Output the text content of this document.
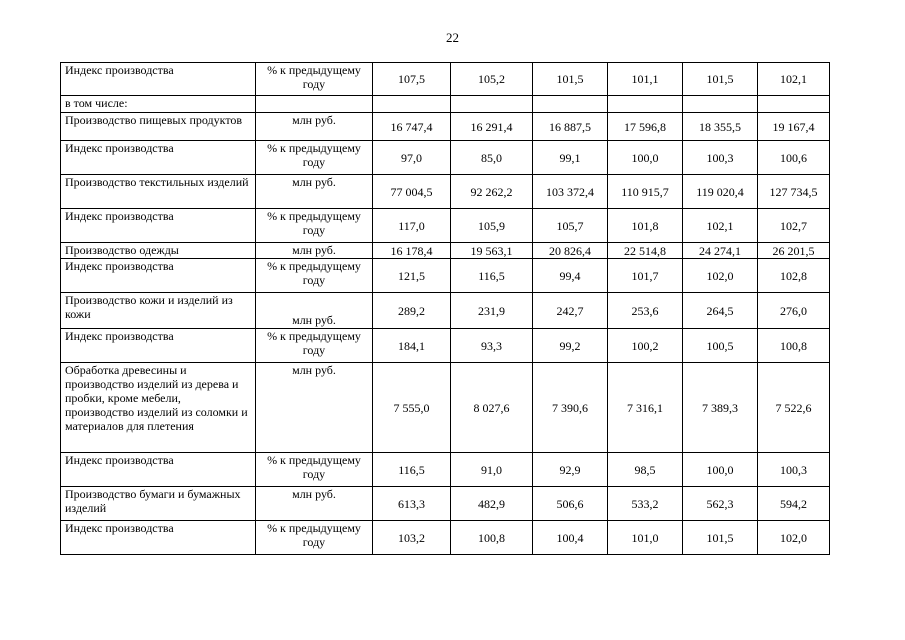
22
Индекс производства	% к предыдущему году	107,5	105,2	101,5	101,1	101,5	102,1
в том числе:							
Производство пищевых продуктов	млн руб.	16 747,4	16 291,4	16 887,5	17 596,8	18 355,5	19 167,4
Индекс производства	% к предыдущему году	97,0	85,0	99,1	100,0	100,3	100,6
Производство текстильных изделий	млн руб.	77 004,5	92 262,2	103 372,4	110 915,7	119 020,4	127 734,5
Индекс производства	% к предыдущему году	117,0	105,9	105,7	101,8	102,1	102,7
Производство одежды	млн руб.	16 178,4	19 563,1	20 826,4	22 514,8	24 274,1	26 201,5
Индекс производства	% к предыдущему году	121,5	116,5	99,4	101,7	102,0	102,8
Производство кожи и изделий из кожи	млн руб.	289,2	231,9	242,7	253,6	264,5	276,0
Индекс производства	% к предыдущему году	184,1	93,3	99,2	100,2	100,5	100,8
Обработка древесины и производство изделий из дерева и пробки, кроме мебели, производство изделий из соломки и материалов для плетения	млн руб.	7 555,0	8 027,6	7 390,6	7 316,1	7 389,3	7 522,6
Индекс производства	% к предыдущему году	116,5	91,0	92,9	98,5	100,0	100,3
Производство бумаги и бумажных изделий	млн руб.	613,3	482,9	506,6	533,2	562,3	594,2
Индекс производства	% к предыдущему году	103,2	100,8	100,4	101,0	101,5	102,0
